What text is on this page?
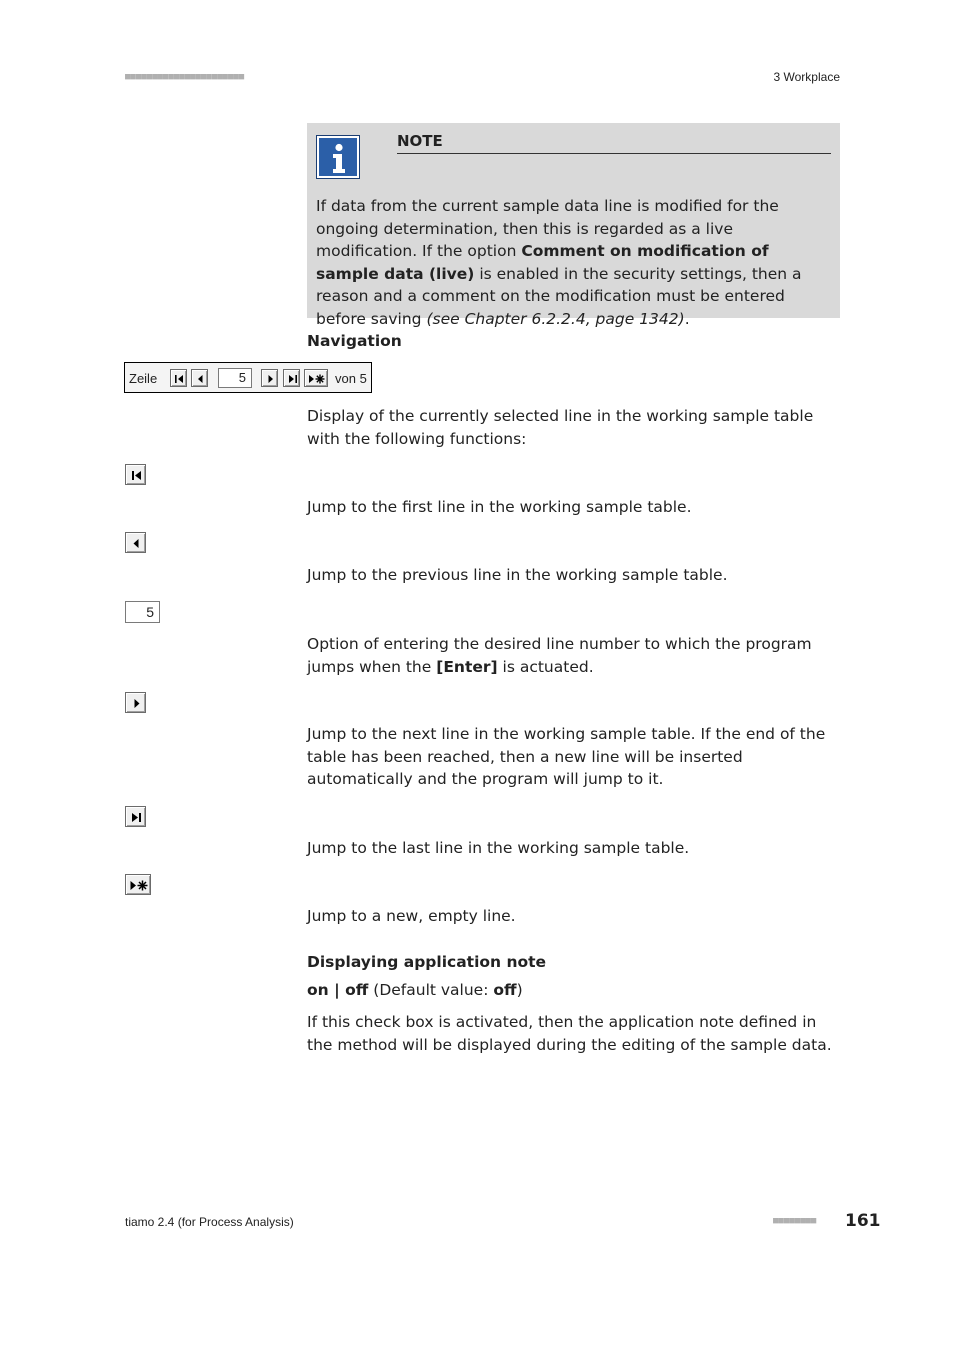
■■■■■■■■■■■■■■■■■■■■■■	3 Workplace
NOTE
If data from the current sample data line is modified for the ongoing determination, then this is regarded as a live modification. If the option Comment on modification of sample data (live) is enabled in the security settings, then a reason and a comment on the modification must be entered before saving (see Chapter 6.2.2.4, page 1342).
Navigation
Zeile	5	von 5
Display of the currently selected line in the working sample table with the following functions:
Jump to the first line in the working sample table.
Jump to the previous line in the working sample table.
5
Option of entering the desired line number to which the program jumps when the [Enter] is actuated.
Jump to the next line in the working sample table. If the end of the table has been reached, then a new line will be inserted automatically and the program will jump to it.
Jump to the last line in the working sample table.
Jump to a new, empty line.
Displaying application note
on | off (Default value: off)
If this check box is activated, then the application note defined in the method will be displayed during the editing of the sample data.
tiamo 2.4 (for Process Analysis)	■■■■■■■■ 161
